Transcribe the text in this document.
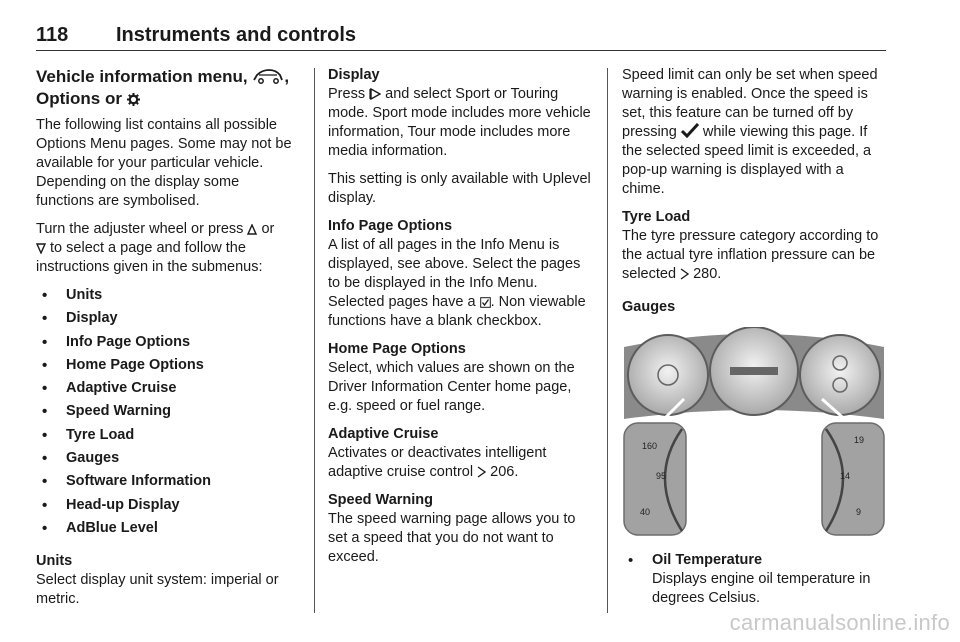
118 Instruments and controls
Vehicle information menu, ,
Options or

The following list contains all possible Options Menu pages. Some may not be available for your particular vehicle. Depending on the display some functions are symbolised.

Turn the adjuster wheel or press or
to select a page and follow the instructions given in the submenus:

• Units
• Display
• Info Page Options
• Home Page Options
• Adaptive Cruise
• Speed Warning
• Tyre Load
• Gauges
• Software Information
• Head-up Display
• AdBlue Level
Units

Select display unit system: imperial or metric.

Display

Press and select Sport or Touring mode. Sport mode includes more vehicle information, Tour mode includes more media information.

This setting is only available with Uplevel display.

Info Page Options

A list of all pages in the Info Menu is displayed, see above. Select the pages to be displayed in the Info Menu. Selected pages have a . Non viewable functions have a blank checkbox.

Home Page Options

Select, which values are shown on the Driver Information Center home page, e.g. speed or fuel range.

Adaptive Cruise

Activates or deactivates intelligent adaptive cruise control 206.

Speed Warning

The speed warning page allows you to set a speed that you do not want to exceed.

Speed limit can only be set when speed warning is enabled. Once the speed is set, this feature can be turned off by pressing while viewing this page. If the selected speed limit is exceeded, a pop-up warning is displayed with a chime.

Tyre Load

The tyre pressure category according to the actual tyre inflation pressure can be selected 280.

Gauges
160
95
40
19
14
9
• Oil Temperature
Displays engine oil temperature in degrees Celsius.
carmanualsonline.info
